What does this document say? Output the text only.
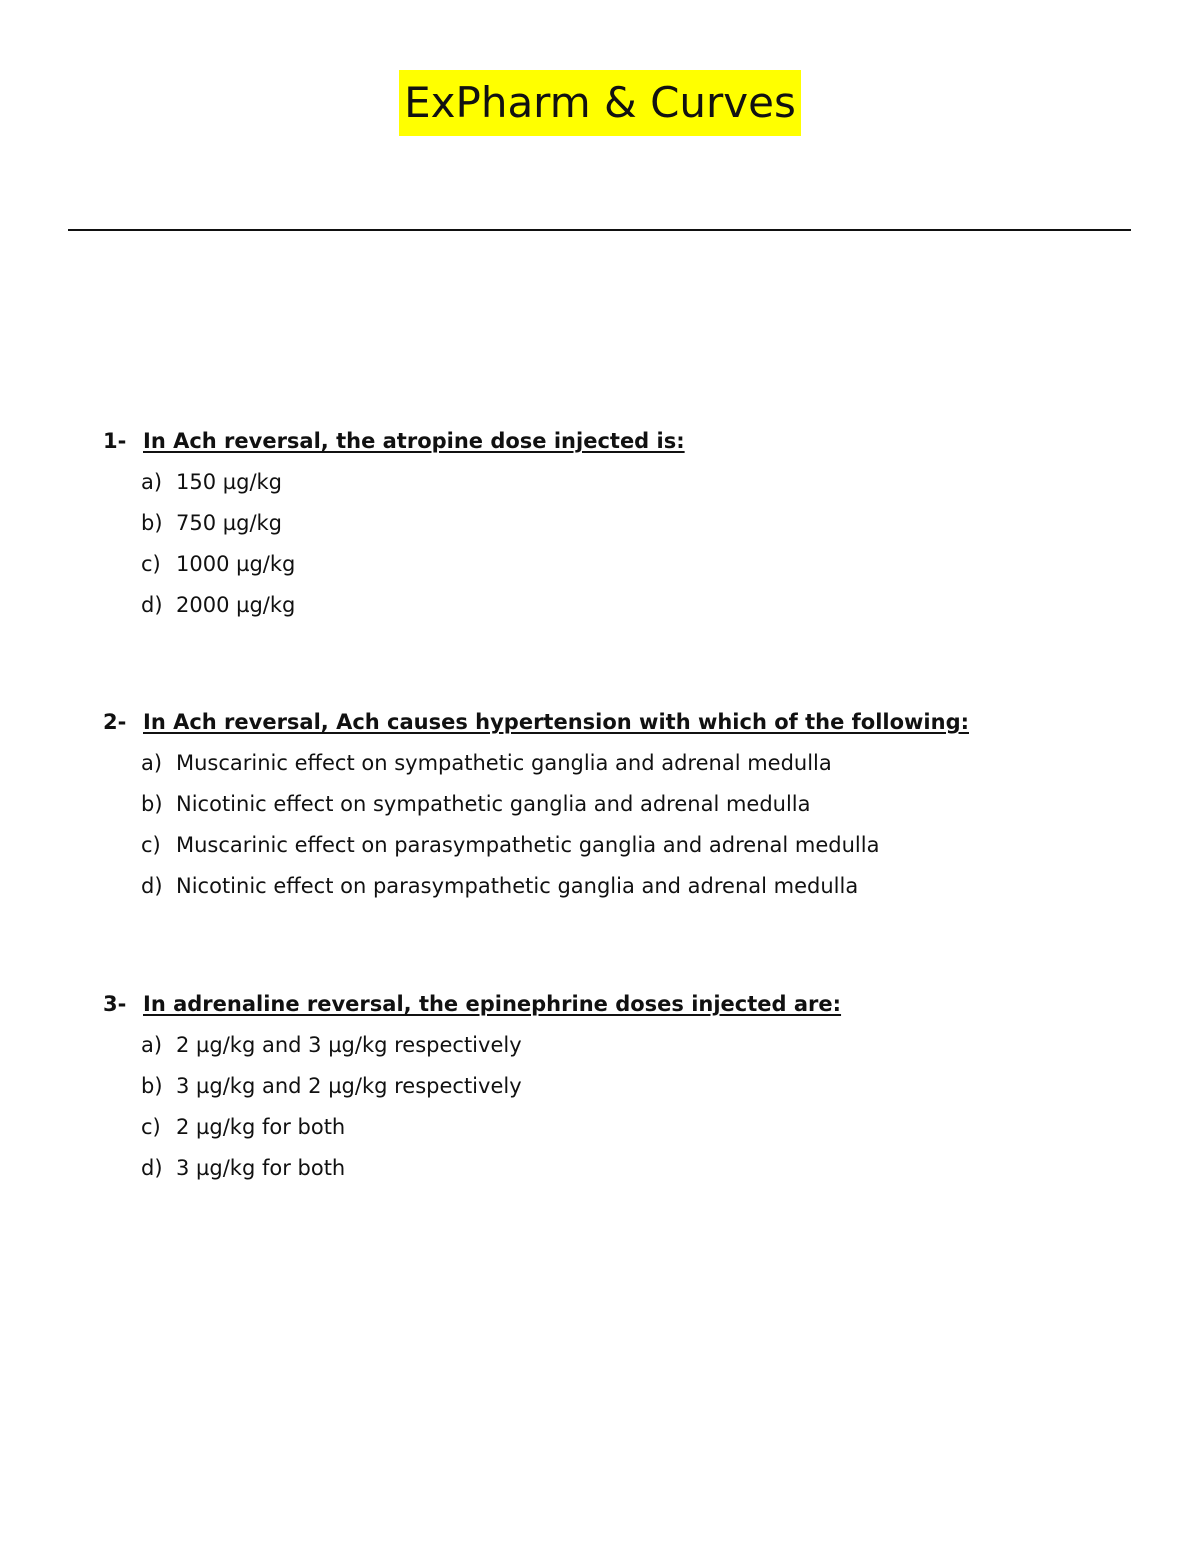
ExPharm & Curves
1- In Ach reversal, the atropine dose injected is:
a) 150 µg/kg
b) 750 µg/kg
c) 1000 µg/kg
d) 2000 µg/kg
2- In Ach reversal, Ach causes hypertension with which of the following:
a) Muscarinic effect on sympathetic ganglia and adrenal medulla
b) Nicotinic effect on sympathetic ganglia and adrenal medulla
c) Muscarinic effect on parasympathetic ganglia and adrenal medulla
d) Nicotinic effect on parasympathetic ganglia and adrenal medulla
3- In adrenaline reversal, the epinephrine doses injected are:
a) 2 µg/kg and 3 µg/kg respectively
b) 3 µg/kg and 2 µg/kg respectively
c) 2 µg/kg for both
d) 3 µg/kg for both
